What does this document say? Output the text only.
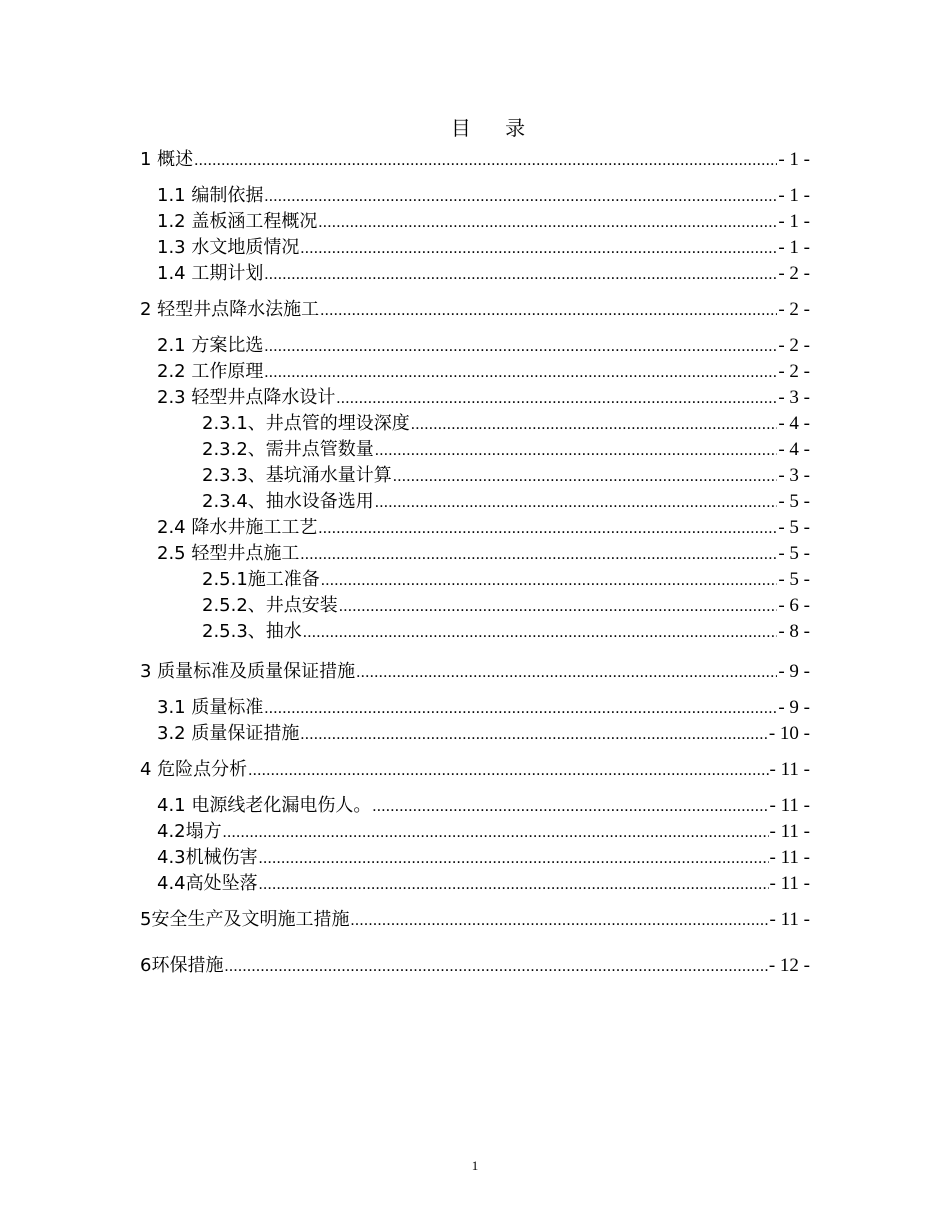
目 录
1 概述 .....	- 1 -
1.1 编制依据 .....	- 1 -
1.2 盖板涵工程概况 .....	- 1 -
1.3 水文地质情况 .....	- 1 -
1.4 工期计划 .....	- 2 -
2 轻型井点降水法施工 .....	- 2 -
2.1 方案比选 .....	- 2 -
2.2 工作原理 .....	- 2 -
2.3 轻型井点降水设计 .....	- 3 -
2.3.1、井点管的埋设深度 .....	- 4 -
2.3.2、需井点管数量 .....	- 4 -
2.3.3、基坑涌水量计算 .....	- 3 -
2.3.4、抽水设备选用 .....	- 5 -
2.4 降水井施工工艺 .....	- 5 -
2.5 轻型井点施工 .....	- 5 -
2.5.1施工准备 .....	- 5 -
2.5.2、井点安装 .....	- 6 -
2.5.3、抽水 .....	- 8 -
3 质量标准及质量保证措施 .....	- 9 -
3.1 质量标准 .....	- 9 -
3.2 质量保证措施 .....	- 10 -
4 危险点分析 .....	- 11 -
4.1 电源线老化漏电伤人。 .....	- 11 -
4.2塌方 .....	- 11 -
4.3机械伤害 .....	- 11 -
4.4高处坠落 .....	- 11 -
5安全生产及文明施工措施 .....	- 11 -
6环保措施 .....	- 12 -
1
